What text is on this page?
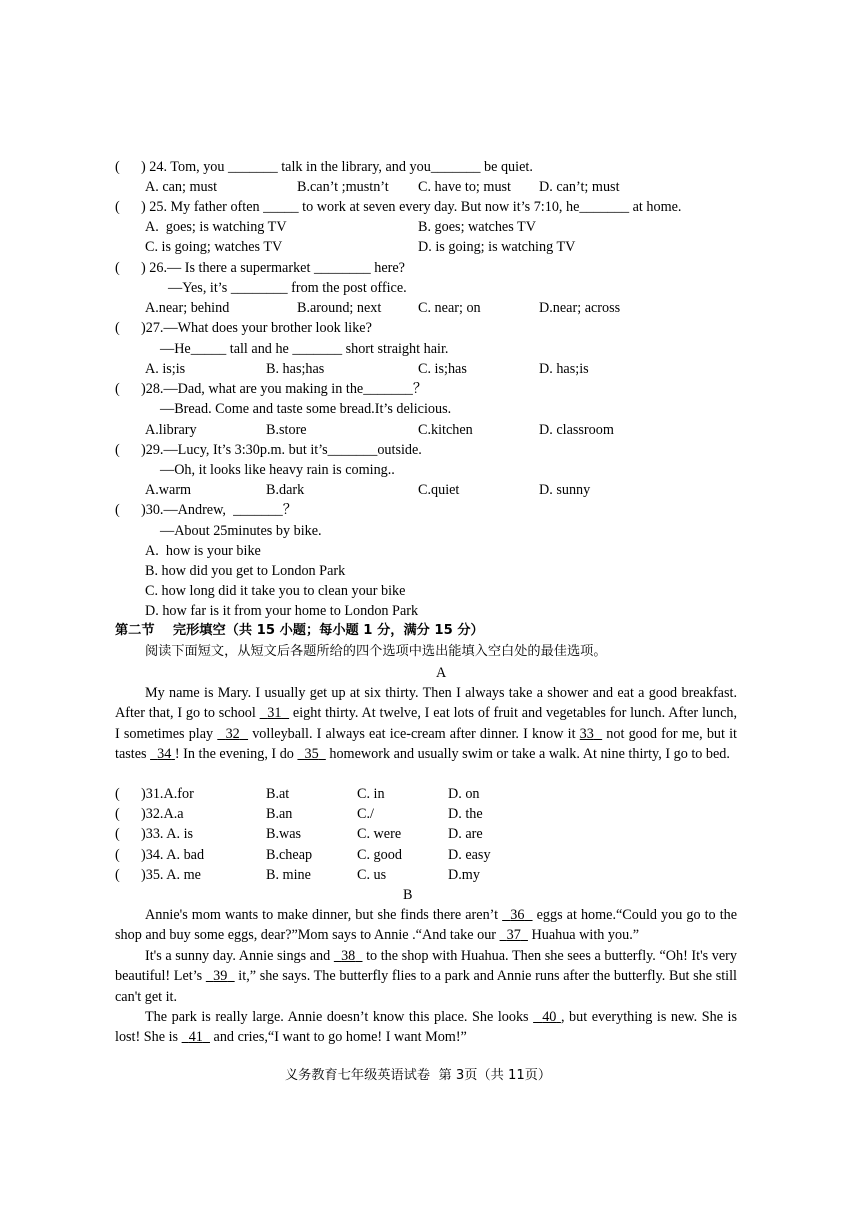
(      ) 24. Tom, you _______ talk in the library, and you_______ be quiet.
A. can; must	B.can’t ;mustn’t C. have to; must D. can’t; must
(      ) 25. My father often _____ to work at seven every day. But now it’s 7:10, he_______ at home.
A.  goes; is watching TV	B. goes; watches TV
C. is going; watches TV	D. is going; is watching TV
(      ) 26.— Is there a supermarket ________ here?
—Yes, it’s ________ from the post office.
A.near; behind	B.around; next	C. near; on	D.near; across
(      )27.—What does your brother look like?
—He_____ tall and he _______ short straight hair.
A. is;is	B. has;has	C. is;has	D. has;is
(      )28.—Dad, what are you making in the_______？
—Bread. Come and taste some bread.It’s delicious.
A.library	B.store	C.kitchen	D. classroom
(      )29.—Lucy, It’s 3:30p.m. but it’s_______outside.
—Oh, it looks like heavy rain is coming..
A.warm	B.dark	C.quiet	D. sunny
(      )30.—Andrew,  _______？
—About 25minutes by bike.
A.  how is your bike
B. how did you get to London Park
C. how long did it take you to clean your bike
D. how far is it from your home to London Park
第二节    完形填空（共 15 小题；每小题 1 分，满分 15 分）
阅读下面短文，从短文后各题所给的四个选项中选出能填入空白处的最佳选项。
A
My name is Mary. I usually get up at six thirty. Then I always take a shower and eat a good breakfast. After that, I go to school   31   eight thirty. At twelve, I eat lots of fruit and vegetables for lunch. After lunch, I sometimes play   32   volleyball. I always eat ice-cream after dinner. I know it 33   not good for me, but it tastes   34 ! In the evening, I do   35   homework and usually swim or take a walk. At nine thirty, I go to bed.
(      )31.A.for	B.at	C. in	D. on
(      )32.A.a	B.an	C./	D. the
(      )33. A. is	B.was	C. were	D. are
(      )34. A. bad	B.cheap	C. good	D. easy
(      )35. A. me	B. mine	C. us	D.my
B
Annie's mom wants to make dinner, but she finds there aren’t   36   eggs at home.“Could you go to the shop and buy some eggs, dear?”Mom says to Annie .“And take our   37   Huahua with you.”
It's a sunny day. Annie sings and   38   to the shop with Huahua. Then she sees a butterfly. “Oh! It's very beautiful! Let’s   39   it,” she says. The butterfly flies to a park and Annie runs after the butterfly. But she still can't get it.
The park is really large. Annie doesn’t know this place. She looks   40 , but everything is new. She is lost! She is   41   and cries,“I want to go home! I want Mom!”
义务教育七年级英语试卷  第 3页（共 11页）
